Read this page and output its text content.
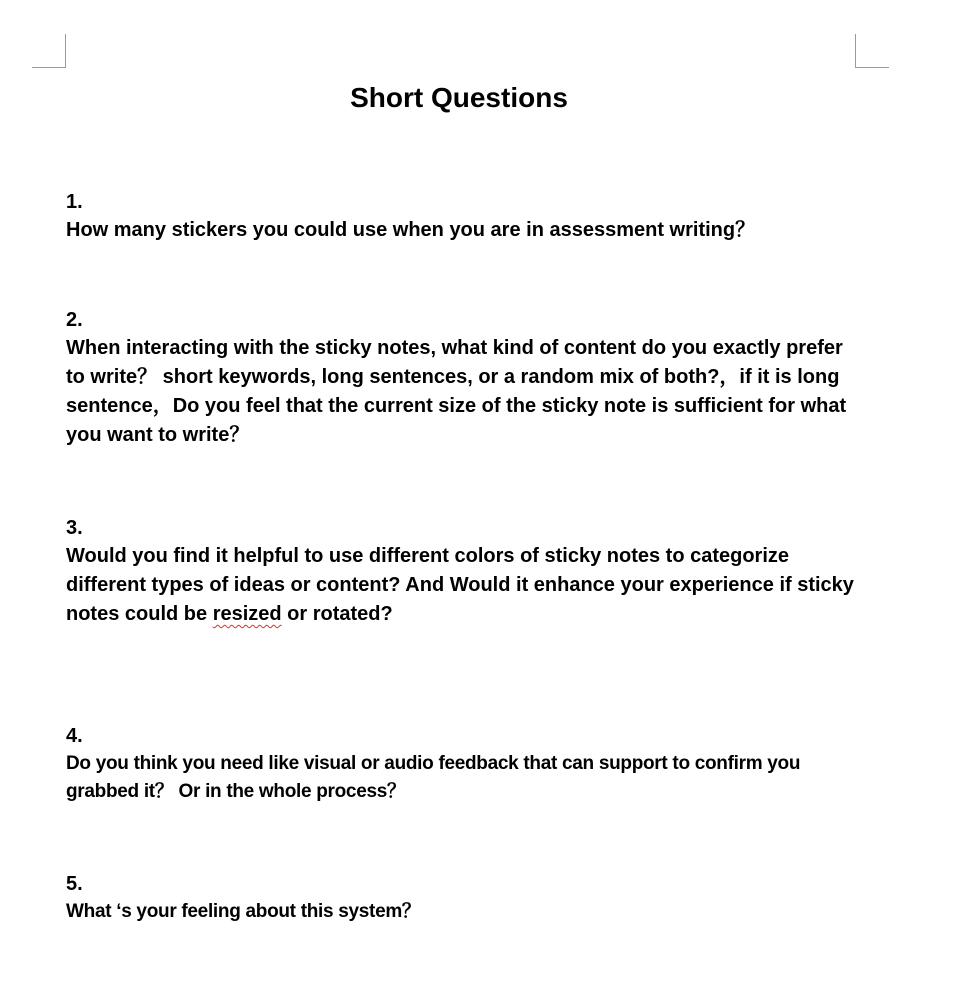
Short Questions
1.
How many stickers you could use when you are in assessment writing？
2.
When interacting with the sticky notes, what kind of content do you exactly prefer to write？ short keywords, long sentences, or a random mix of both?，if it is long sentence，Do you feel that the current size of the sticky note is sufficient for what you want to write？
3.
Would you find it helpful to use different colors of sticky notes to categorize different types of ideas or content? And Would it enhance your experience if sticky notes could be resized or rotated?
4.
Do you think you need like visual or audio feedback that can support to confirm you grabbed it？ Or in the whole process？
5.
What ‘s your feeling about this system？
